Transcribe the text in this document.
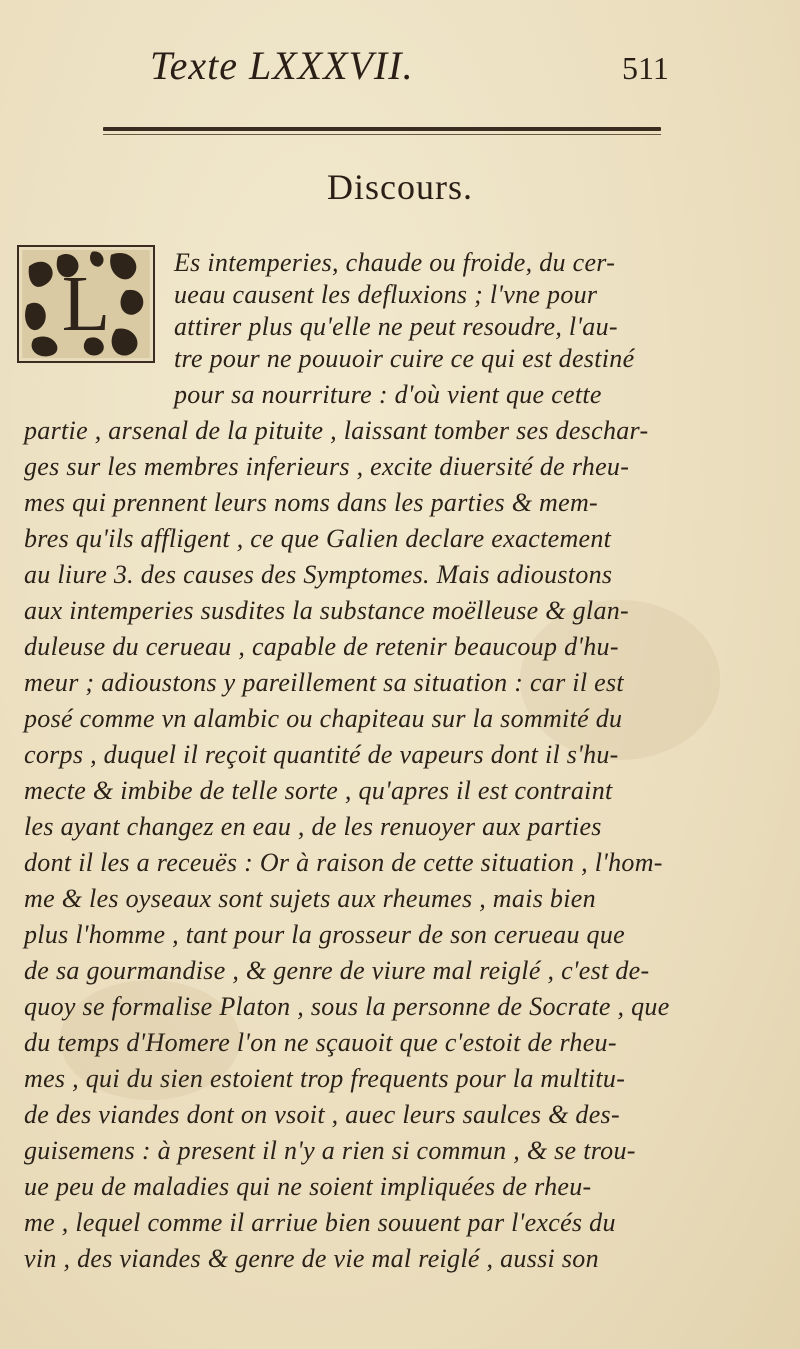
Texte LXXXVII.	511
Discours.
L Es intemperies, chaude ou froide, du cer-
ueau causent les defluxions ; l'vne pour
attirer plus qu'elle ne peut resoudre, l'au-
tre pour ne pouuoir cuire ce qui est destiné
pour sa nourriture : d'où vient que cette
partie , arsenal de la pituite , laissant tomber ses deschar-
ges sur les membres inferieurs , excite diuersité de rheu-
mes qui prennent leurs noms dans les parties & mem-
bres qu'ils affligent , ce que Galien declare exactement
au liure 3. des causes des Symptomes. Mais adioustons
aux intemperies susdites la substance moëlleuse & glan-
duleuse du cerueau , capable de retenir beaucoup d'hu-
meur ; adioustons y pareillement sa situation : car il est
posé comme vn alambic ou chapiteau sur la sommité du
corps , duquel il reçoit quantité de vapeurs dont il s'hu-
mecte & imbibe de telle sorte , qu'apres il est contraint
les ayant changez en eau , de les renuoyer aux parties
dont il les a receuës : Or à raison de cette situation , l'hom-
me & les oyseaux sont sujets aux rheumes , mais bien
plus l'homme , tant pour la grosseur de son cerueau que
de sa gourmandise , & genre de viure mal reiglé , c'est de-
quoy se formalise Platon , sous la personne de Socrate , que
du temps d'Homere l'on ne sçauoit que c'estoit de rheu-
mes , qui du sien estoient trop frequents pour la multitu-
de des viandes dont on vsoit , auec leurs saulces & des-
guisemens : à present il n'y a rien si commun , & se trou-
ue peu de maladies qui ne soient impliquées de rheu-
me , lequel comme il arriue bien souuent par l'excés du
vin , des viandes & genre de vie mal reiglé , aussi son
